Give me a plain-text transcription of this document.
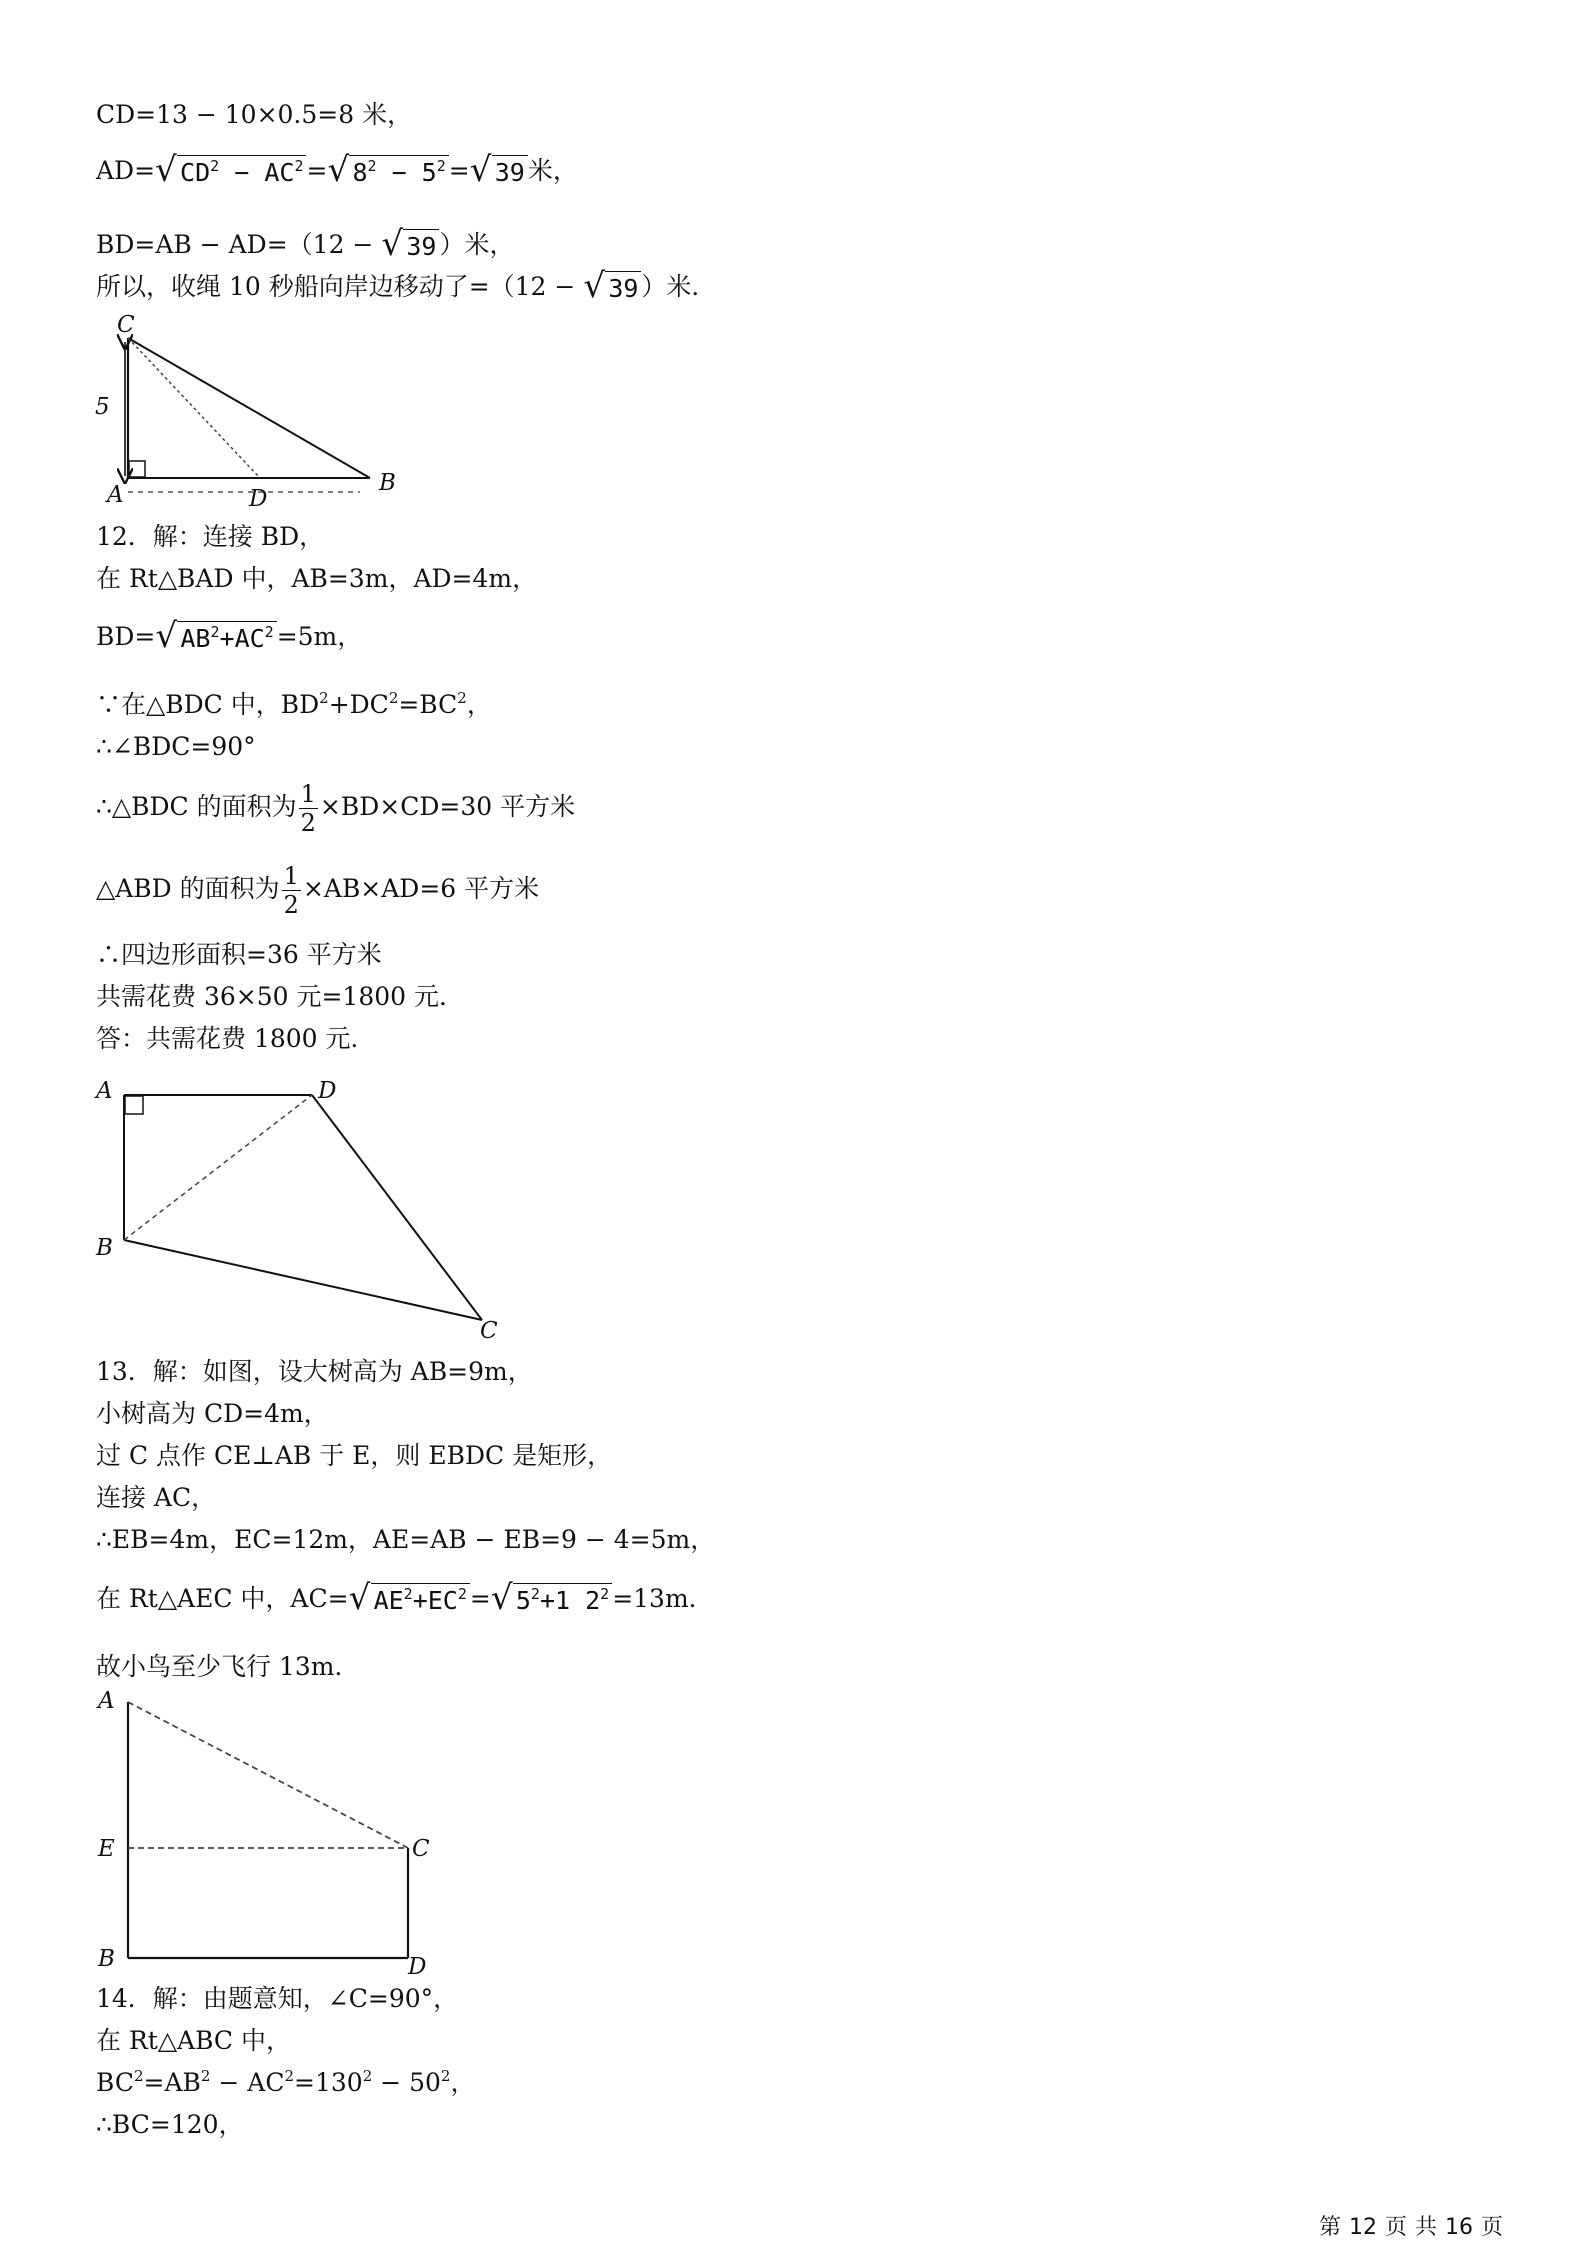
CD=13 − 10×0.5=8 米，
AD= √ $CD^2 - AC^2$ = √ $8^2 - 5^2$ = √ 39 米，
BD=AB − AD=（12 − √ 39 ）米，
所以，收绳 10 秒船向岸边移动了=（12 − √ 39 ）米．
C
5
A	D
B
12．解：连接 BD，
在 Rt△BAD 中，AB=3m，AD=4m，
BD= √ $AB^2+AC^2 =5m$，
∵在△BDC 中，$BD^2+DC^2=BC^2$，
∴∠BDC=90°
∴△BDC 的面积为 $\frac{1}{2} \times BD\times CD=30$ 平方米
△ABD 的面积为 $\frac{1}{2} \times AB\times AD=6$ 平方米
∴四边形面积=36 平方米
共需花费 36×50 元=1800 元．
答：共需花费 1800 元．
A	D
B
C
13．解：如图，设大树高为 AB=9m，
小树高为 CD=4m，
过 C 点作 CE⊥AB 于 E，则 EBDC 是矩形，
连接 AC，
∴EB=4m，EC=12m，AE=AB − EB=9 − 4=5m，
在 Rt△AEC 中，AC= √ $AE^2+EC^2$ = √ $5^2+1$ $2^2 =13m$．
故小鸟至少飞行 13m．
A
E	C
B	D
14．解：由题意知，∠C=90°，
在 Rt△ABC 中，
$BC^2=AB^2 - AC^2=130^2 - 50^2$，
∴BC=120，
第 12 页 共 16 页
